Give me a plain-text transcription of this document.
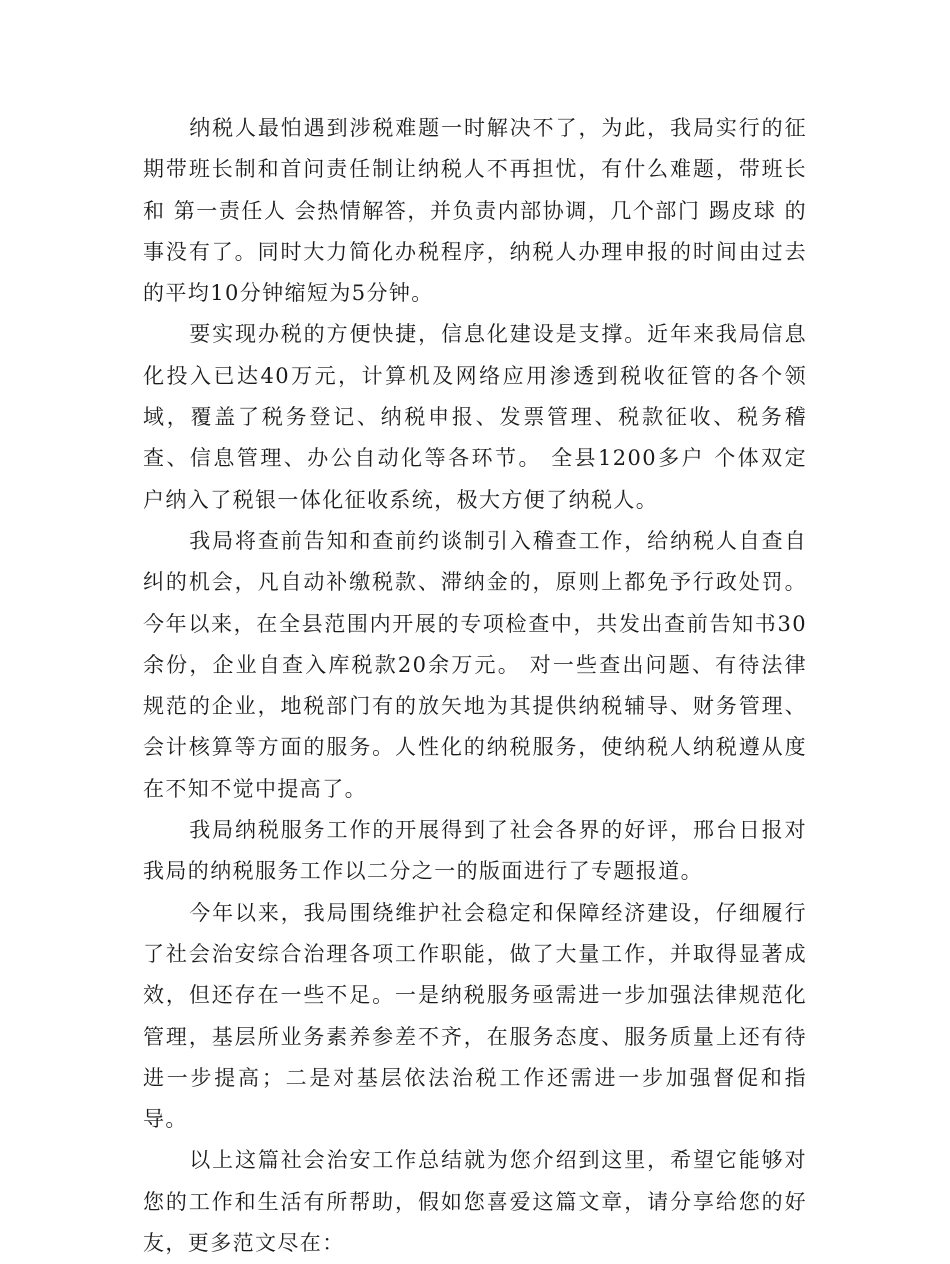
纳税人最怕遇到涉税难题一时解决不了，为此，我局实行的征期带班长制和首问责任制让纳税人不再担忧，有什么难题，带班长和 第一责任人 会热情解答，并负责内部协调，几个部门 踢皮球 的事没有了。同时大力简化办税程序，纳税人办理申报的时间由过去的平均10分钟缩短为5分钟。

要实现办税的方便快捷，信息化建设是支撑。近年来我局信息化投入已达40万元，计算机及网络应用渗透到税收征管的各个领域，覆盖了税务登记、纳税申报、发票管理、税款征收、税务稽查、信息管理、办公自动化等各环节。 全县1200多户 个体双定 户纳入了税银一体化征收系统，极大方便了纳税人。

我局将查前告知和查前约谈制引入稽查工作，给纳税人自查自纠的机会，凡自动补缴税款、滞纳金的，原则上都免予行政处罚。今年以来，在全县范围内开展的专项检查中，共发出查前告知书30余份，企业自查入库税款20余万元。 对一些查出问题、有待法律规范的企业，地税部门有的放矢地为其提供纳税辅导、财务管理、会计核算等方面的服务。人性化的纳税服务，使纳税人纳税遵从度在不知不觉中提高了。

我局纳税服务工作的开展得到了社会各界的好评，邢台日报对我局的纳税服务工作以二分之一的版面进行了专题报道。

今年以来，我局围绕维护社会稳定和保障经济建设，仔细履行了社会治安综合治理各项工作职能，做了大量工作，并取得显著成效，但还存在一些不足。一是纳税服务亟需进一步加强法律规范化管理，基层所业务素养参差不齐，在服务态度、服务质量上还有待进一步提高；二是对基层依法治税工作还需进一步加强督促和指导。

以上这篇社会治安工作总结就为您介绍到这里，希望它能够对您的工作和生活有所帮助，假如您喜爱这篇文章，请分享给您的好友，更多范文尽在：
